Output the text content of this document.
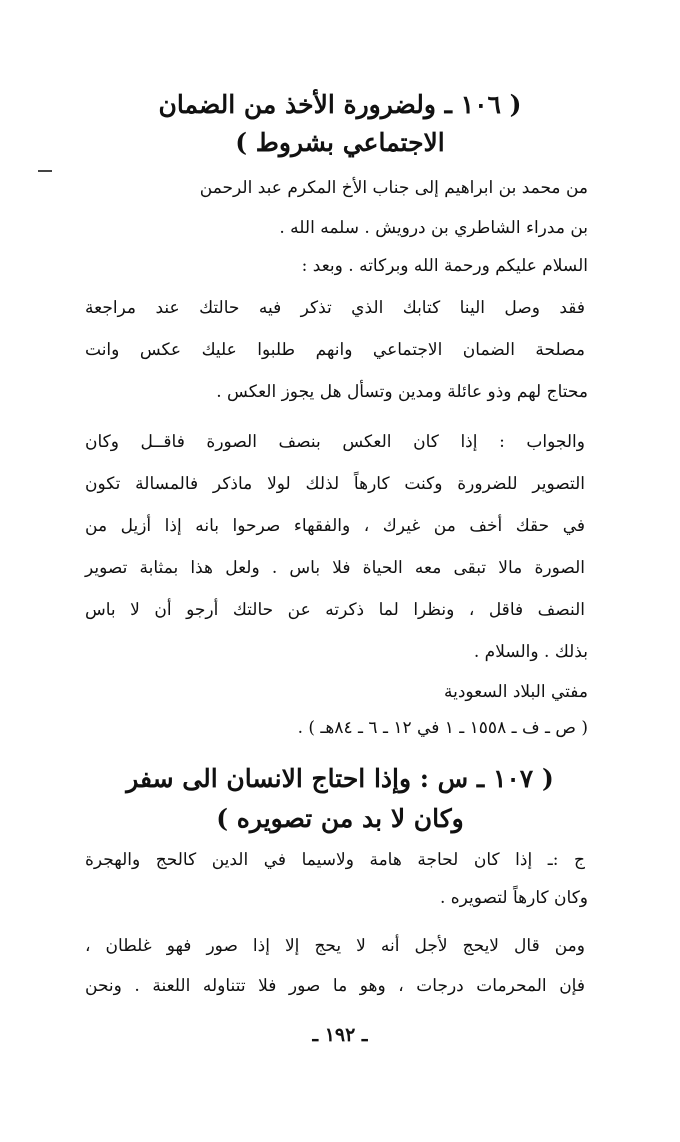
( ١٠٦ ـ ولضرورة الأخذ من الضمان
الاجتماعي بشروط )
من محمد بن ابراهيم إلى جناب الأخ المكرم عبد الرحمن
بن مدراء الشاطري بن درويش . سلمه الله .
السلام عليكم ورحمة الله وبركاته . وبعد :
فقد وصل الينا كتابك الذي تذكر فيه حالتك عند مراجعة
مصلحة الضمان الاجتماعي وانهم طلبوا عليك عكس وانت
محتاج لهم وذو عائلة ومدين وتسأل هل يجوز العكس .
والجواب : إذا كان العكس بنصف الصورة فاقــل وكان
التصوير للضرورة وكنت كارهاً لذلك لولا ماذكر فالمسالة تكون
في حقك أخف من غيرك ، والفقهاء صرحوا بانه إذا أزيل من
الصورة مالا تبقى معه الحياة فلا باس . ولعل هذا بمثابة تصوير
النصف فاقل ، ونظرا لما ذكرته عن حالتك أرجو أن لا باس
بذلك . والسلام .
مفتي البلاد السعودية
( ص ـ ف ـ ١٥٥٨ ـ ١ في ١٢ ـ ٦ ـ ٨٤هـ ) .
( ١٠٧ ـ س : وإذا احتاج الانسان الى سفر
وكان لا بد من تصويره )
ج :ـ إذا كان لحاجة هامة ولاسيما في الدين كالحج والهجرة
وكان كارهاً لتصويره .
ومن قال لايحج لأجل أنه لا يحج إلا إذا صور فهو غلطان ،
فإن المحرمات درجات ، وهو ما صور فلا تتناوله اللعنة . ونحن
ـ ١٩٢ ـ
